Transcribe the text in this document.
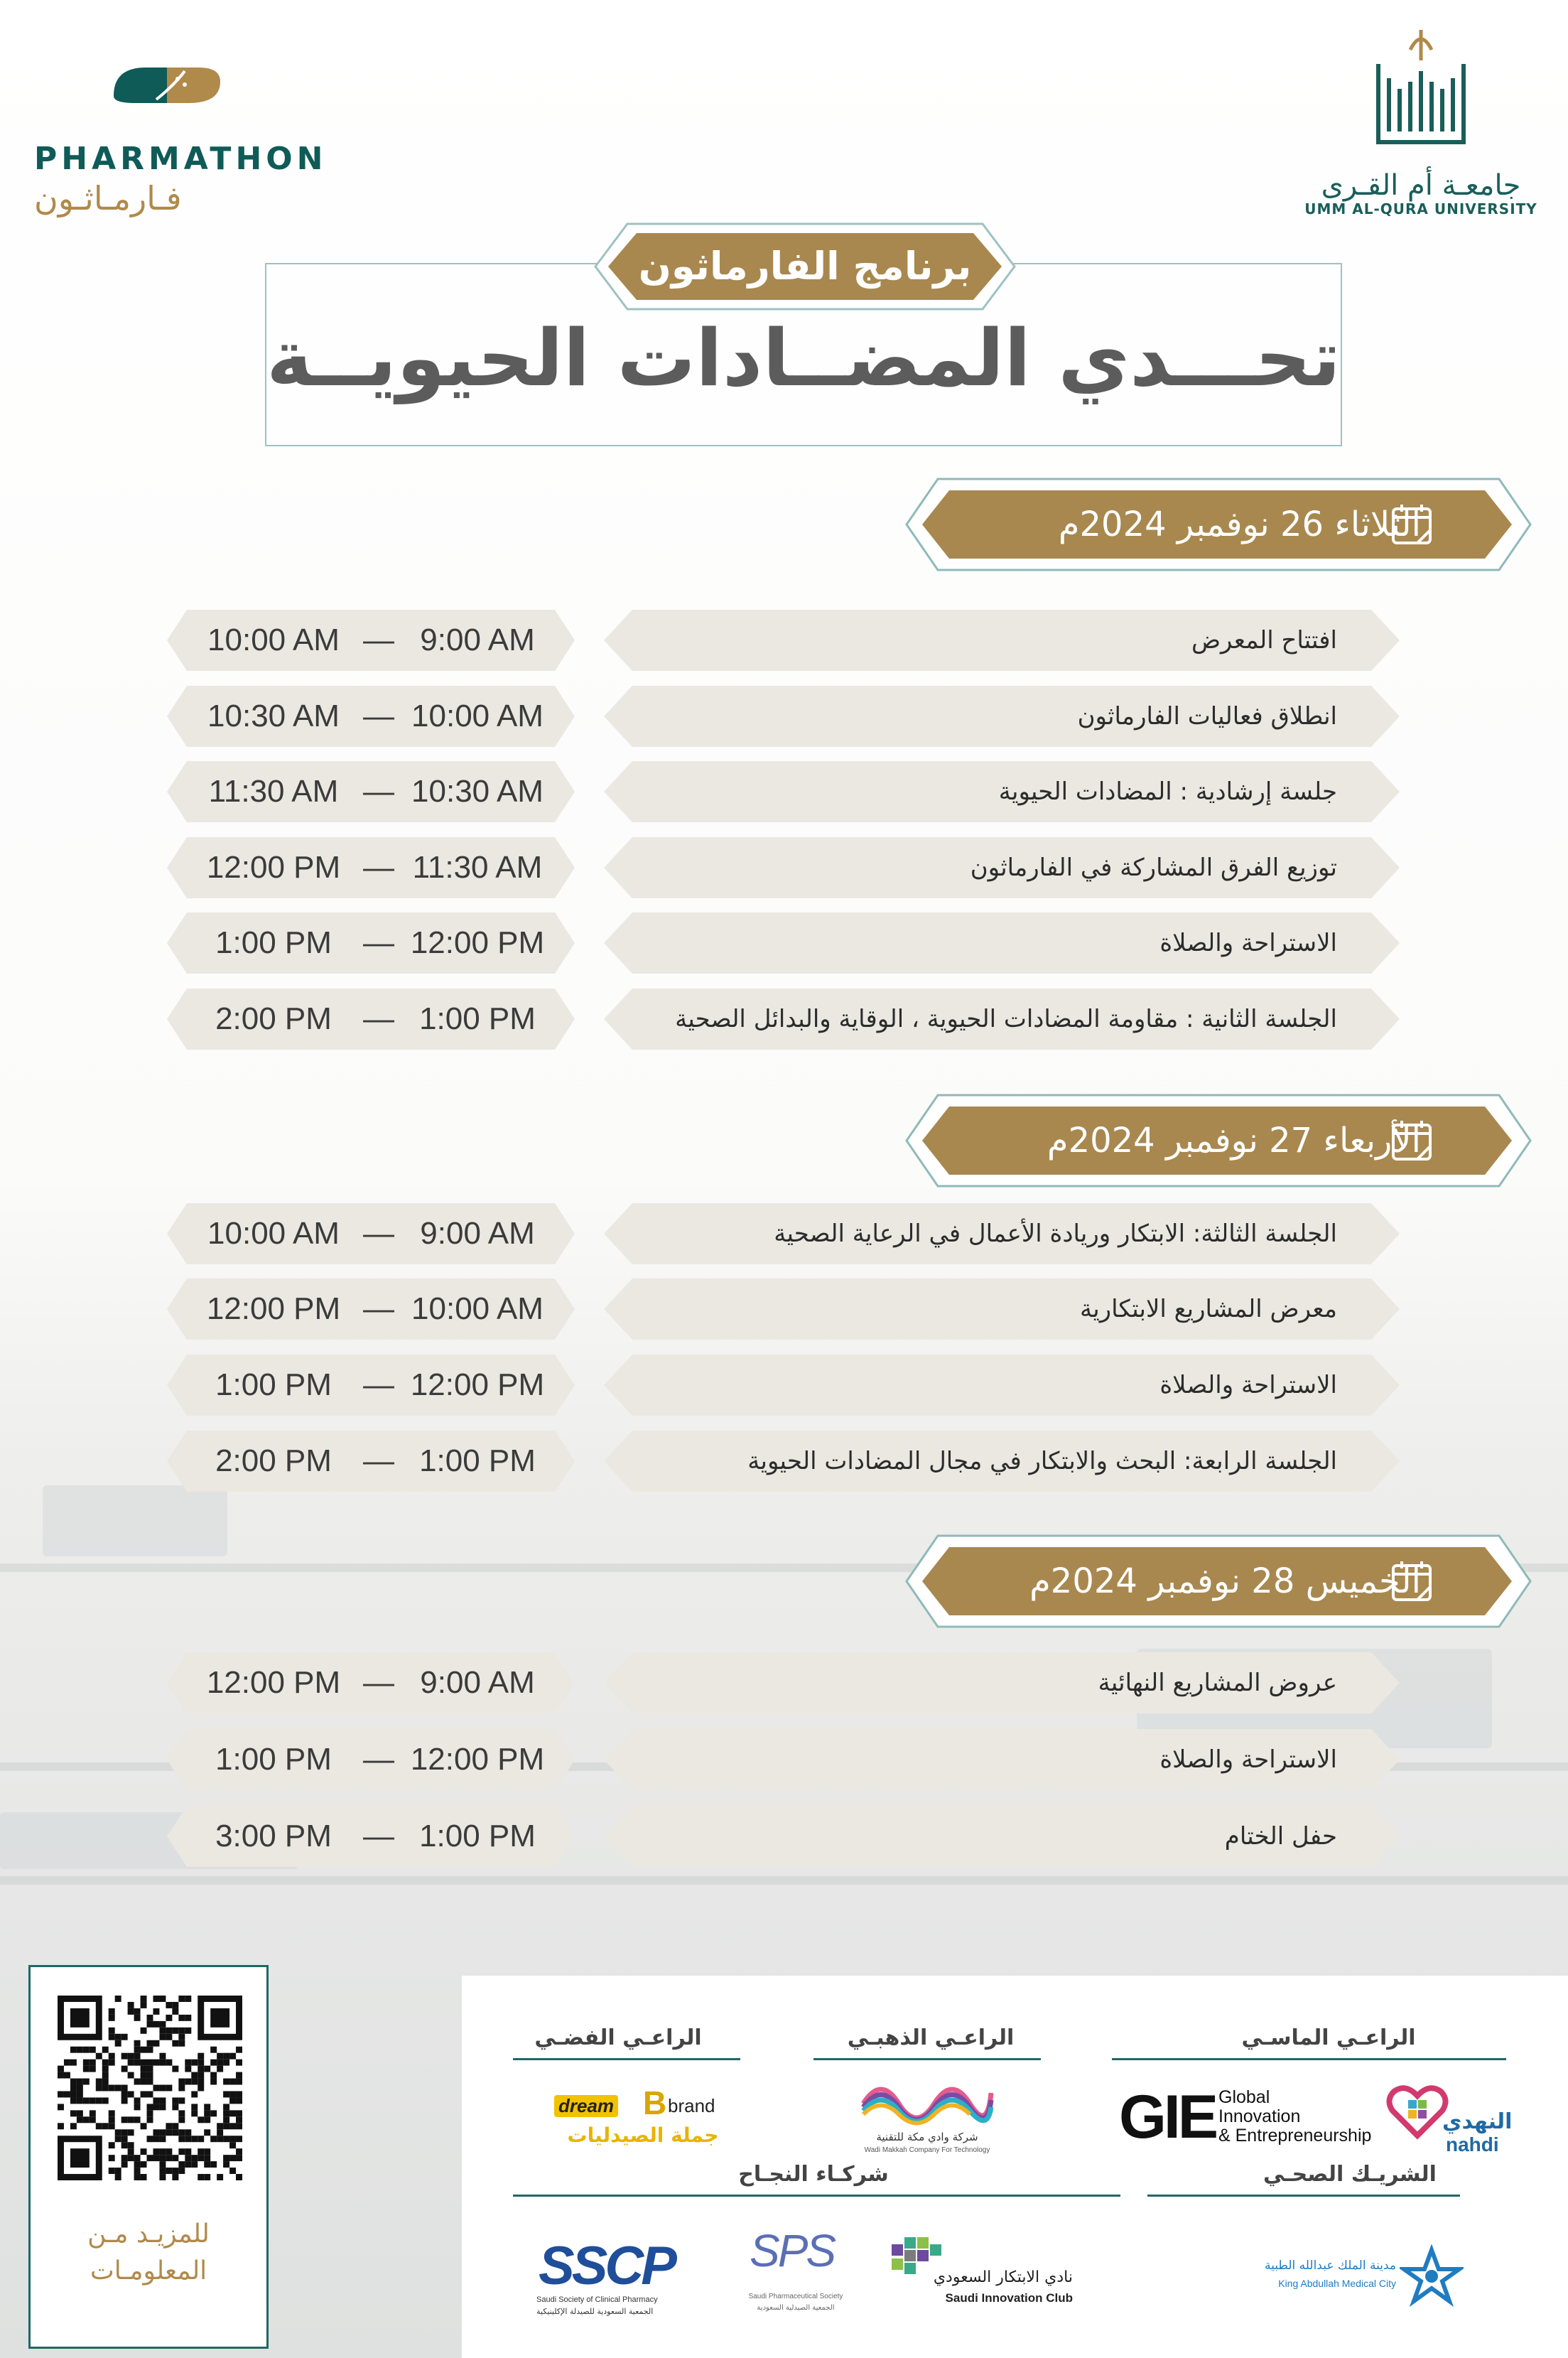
PHARMATHON
فـارمـاثـون	جامعـة أم القـرى
UMM AL-QURA UNIVERSITY
برنامج الفارماثون
تحـــدي المضــادات الحيويــة
الثلاثاء 26 نوفمبر 2024م
10:00 AM — 9:00 AM	افتتاح المعرض
10:30 AM — 10:00 AM	انطلاق فعاليات الفارماثون
11:30 AM — 10:30 AM	جلسة إرشادية : المضادات الحيوية
12:00 PM — 11:30 AM	توزيع الفرق المشاركة في الفارماثون
1:00 PM	— 12:00 PM	الاستراحة والصلاة
2:00 PM	— 1:00 PM	الجلسة الثانية : مقاومة المضادات الحيوية ، الوقاية والبدائل الصحية
الأربعاء 27 نوفمبر 2024م
10:00 AM — 9:00 AM	الجلسة الثالثة: الابتكار وريادة الأعمال في الرعاية الصحية
12:00 PM — 10:00 AM	معرض المشاريع الابتكارية
1:00 PM	— 12:00 PM	الاستراحة والصلاة
2:00 PM	— 1:00 PM	الجلسة الرابعة: البحث والابتكار في مجال المضادات الحيوية
الخميس 28 نوفمبر 2024م
12:00 PM — 9:00 AM	عروض المشاريع النهائية
1:00 PM	— 12:00 PM	الاستراحة والصلاة
3:00 PM	— 1:00 PM	حفل الختام
للمزيـد مـن
المعلومـات
الراعـي الماسـي
الراعـي الذهبـي
الراعـي الفضـي
النهدي
nahdi
GIE Global
Innovation
& Entrepreneurship
شركة وادي مكة للتقنية
Wadi Makkah Company For Technology
dream B brand
جملة الصيدليات
الشريـك الصحـي
شركـاء النجـاح
مدينة الملك عبدالله الطبية
King Abdullah Medical City
نادي الابتكار السعودي
Saudi Innovation Club
SPS
Saudi Pharmaceutical Society
الجمعية الصيدلية السعودية
SSCP
Saudi Society of Clinical Pharmacy
الجمعية السعودية للصيدلة الإكلينيكية
